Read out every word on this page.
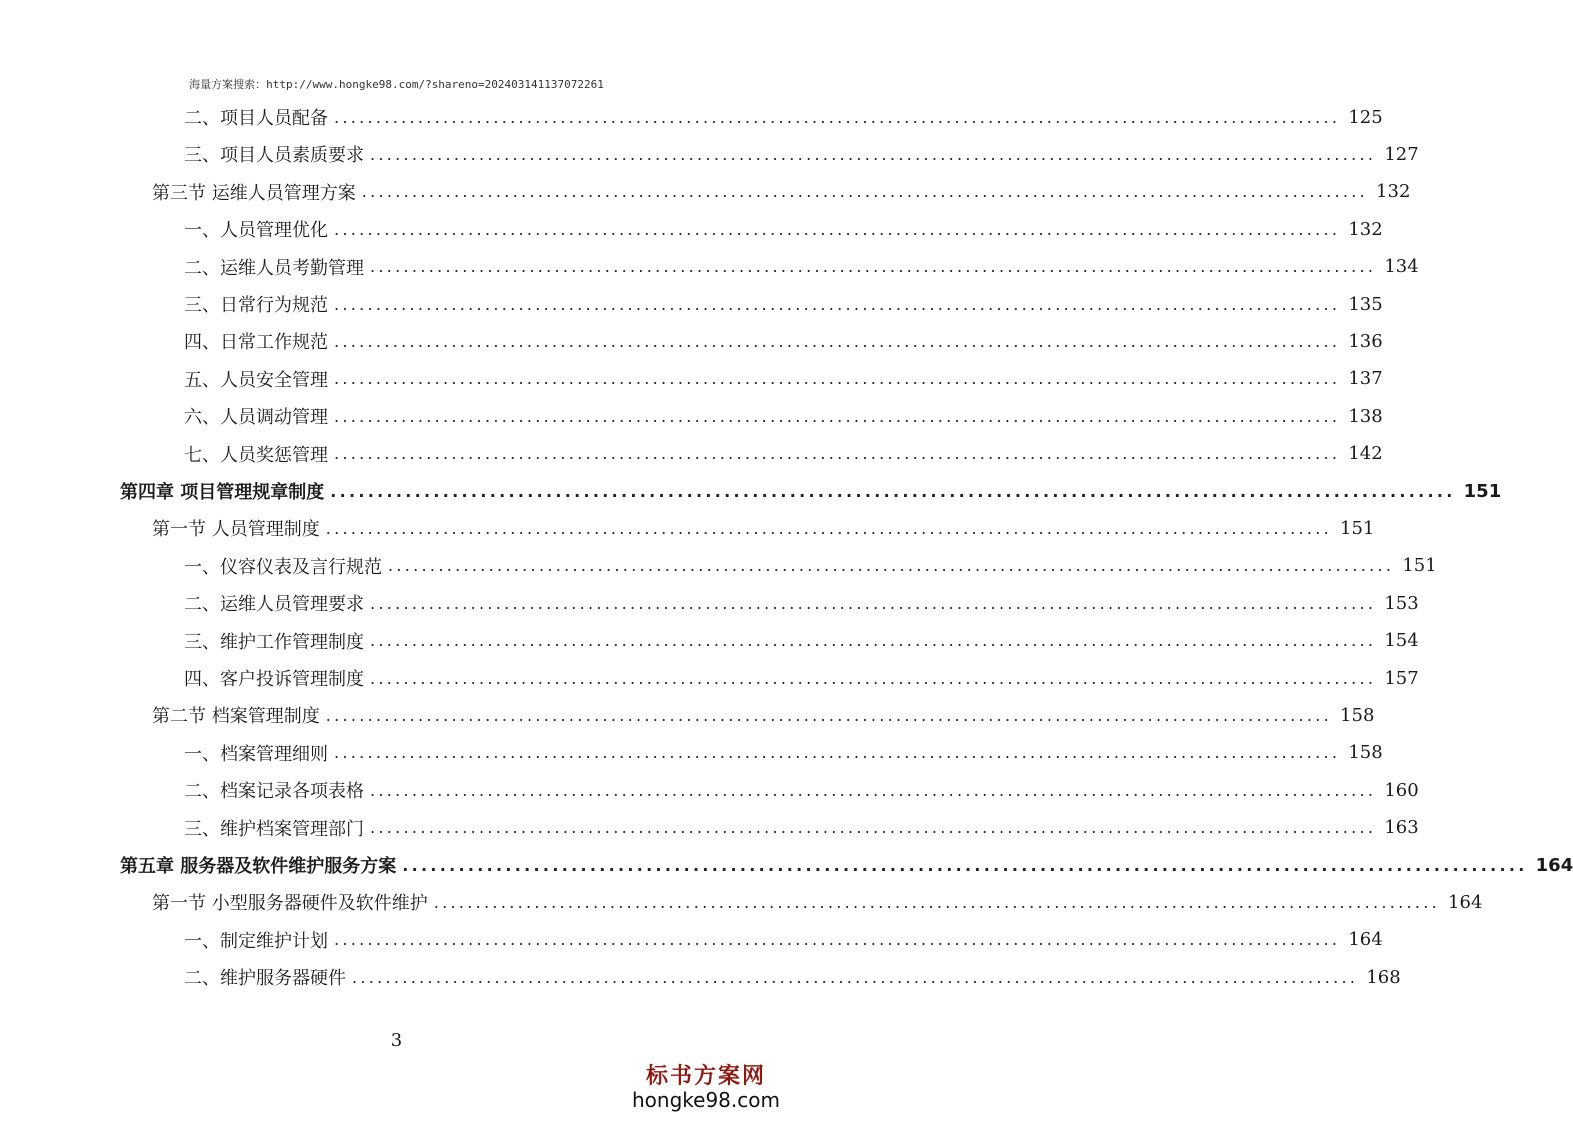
海量方案搜索：http://www.hongke98.com/?shareno=202403141137072261
二、项目人员配备 ........................................................................................................................ 125
三、项目人员素质要求 ........................................................................................................................ 127
第三节 运维人员管理方案 ........................................................................................................................ 132
一、人员管理优化 ........................................................................................................................ 132
二、运维人员考勤管理 ........................................................................................................................ 134
三、日常行为规范 ........................................................................................................................ 135
四、日常工作规范 ........................................................................................................................ 136
五、人员安全管理 ........................................................................................................................ 137
六、人员调动管理 ........................................................................................................................ 138
七、人员奖惩管理 ........................................................................................................................ 142
第四章 项目管理规章制度 ........................................................................................................................ 151
第一节 人员管理制度 ........................................................................................................................ 151
一、仪容仪表及言行规范 ........................................................................................................................ 151
二、运维人员管理要求 ........................................................................................................................ 153
三、维护工作管理制度 ........................................................................................................................ 154
四、客户投诉管理制度 ........................................................................................................................ 157
第二节 档案管理制度 ........................................................................................................................ 158
一、档案管理细则 ........................................................................................................................ 158
二、档案记录各项表格 ........................................................................................................................ 160
三、维护档案管理部门 ........................................................................................................................ 163
第五章 服务器及软件维护服务方案 ........................................................................................................................ 164
第一节 小型服务器硬件及软件维护 ........................................................................................................................ 164
一、制定维护计划 ........................................................................................................................ 164
二、维护服务器硬件 ........................................................................................................................ 168
3
标书方案网
hongke98.com
